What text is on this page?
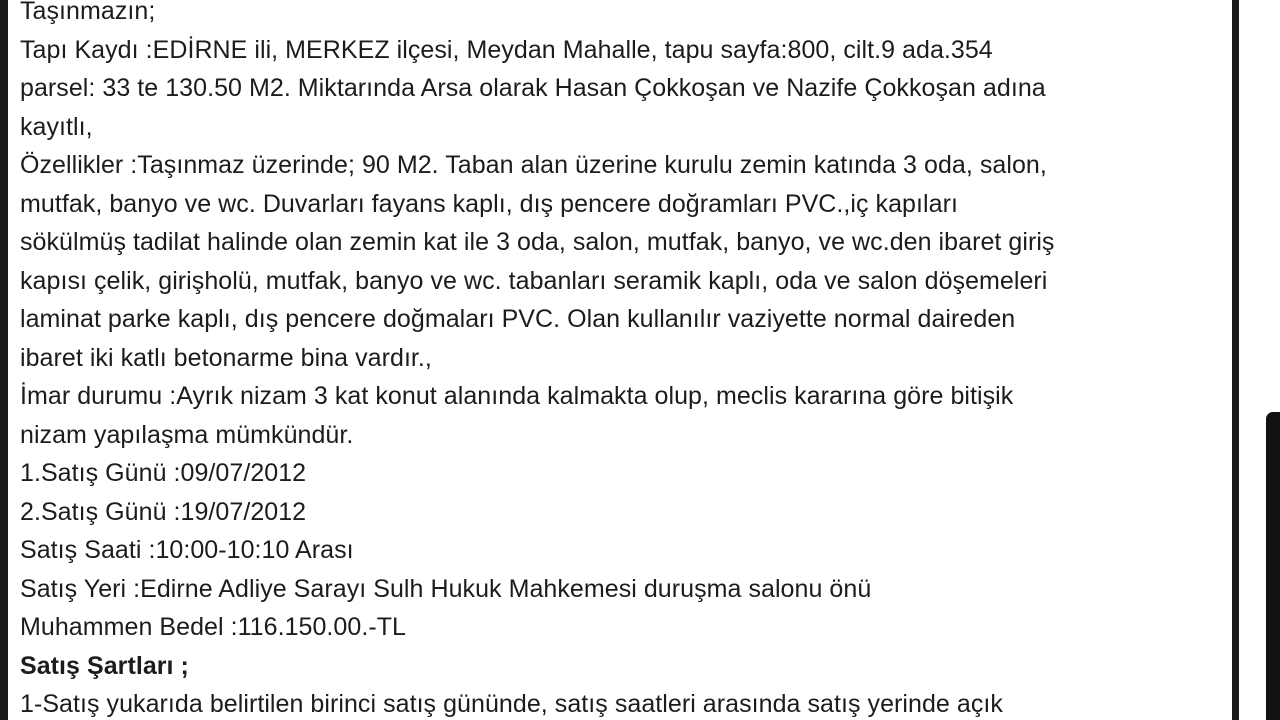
Taşınmazın;
Tapı Kaydı :EDİRNE ili, MERKEZ ilçesi, Meydan Mahalle, tapu sayfa:800, cilt.9 ada.354
parsel: 33 te 130.50 M2. Miktarında Arsa olarak Hasan Çokkoşan ve Nazife Çokkoşan adına
kayıtlı,
Özellikler :Taşınmaz üzerinde; 90 M2. Taban alan üzerine kurulu zemin katında 3 oda, salon,
mutfak, banyo ve wc. Duvarları fayans kaplı, dış pencere doğramları PVC.,iç kapıları
sökülmüş tadilat halinde olan zemin kat ile 3 oda, salon, mutfak, banyo, ve wc.den ibaret giriş
kapısı çelik, girişholü, mutfak, banyo ve wc. tabanları seramik kaplı, oda ve salon döşemeleri
laminat parke kaplı, dış pencere doğmaları PVC. Olan kullanılır vaziyette normal daireden
ibaret iki katlı betonarme bina vardır.,
İmar durumu :Ayrık nizam 3 kat konut alanında kalmakta olup, meclis kararına göre bitişik
nizam yapılaşma mümkündür.
1.Satış Günü :09/07/2012
2.Satış Günü :19/07/2012
Satış Saati :10:00-10:10 Arası
Satış Yeri :Edirne Adliye Sarayı Sulh Hukuk Mahkemesi duruşma salonu önü
Muhammen Bedel :116.150.00.-TL
Satış Şartları ;
1-Satış yukarıda belirtilen birinci satış gününde, satış saatleri arasında satış yerinde açık
